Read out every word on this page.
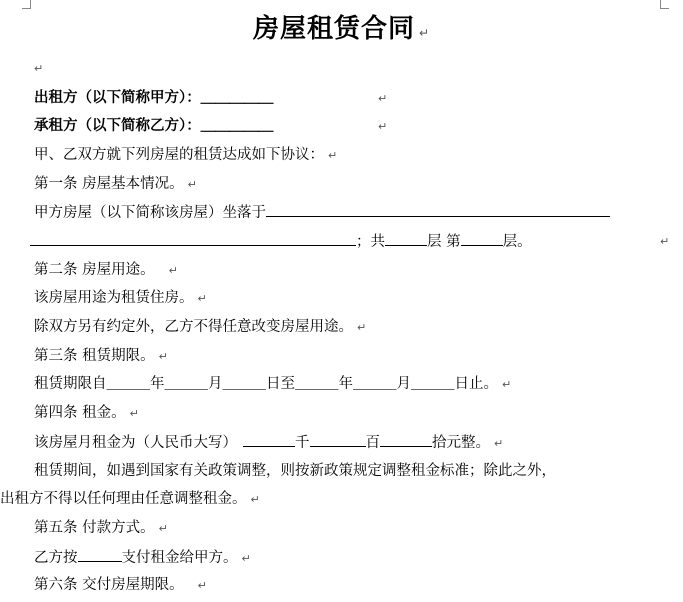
房屋租赁合同 ↵
↵
出租方（以下简称甲方）：＿＿＿＿＿	↵
承租方（以下简称乙方）：＿＿＿＿＿	↵
甲、乙双方就下列房屋的租赁达成如下协议： ↵
第一条 房屋基本情况。 ↵
甲方房屋（以下简称该房屋）坐落于
；共	层 第	层。	↵
第二条 房屋用途。 ↵
该房屋用途为租赁住房。 ↵
除双方另有约定外，乙方不得任意改变房屋用途。 ↵
第三条 租赁期限。 ↵
租赁期限自＿＿＿年＿＿＿月＿＿＿日至＿＿＿年＿＿＿月＿＿＿日止。 ↵
第四条 租金。 ↵
该房屋月租金为（人民币大写）	千	百	拾元整。 ↵
租赁期间，如遇到国家有关政策调整，则按新政策规定调整租金标准；除此之外，
出租方不得以任何理由任意调整租金。 ↵
第五条 付款方式。 ↵
乙方按	支付租金给甲方。 ↵
第六条 交付房屋期限。 ↵
